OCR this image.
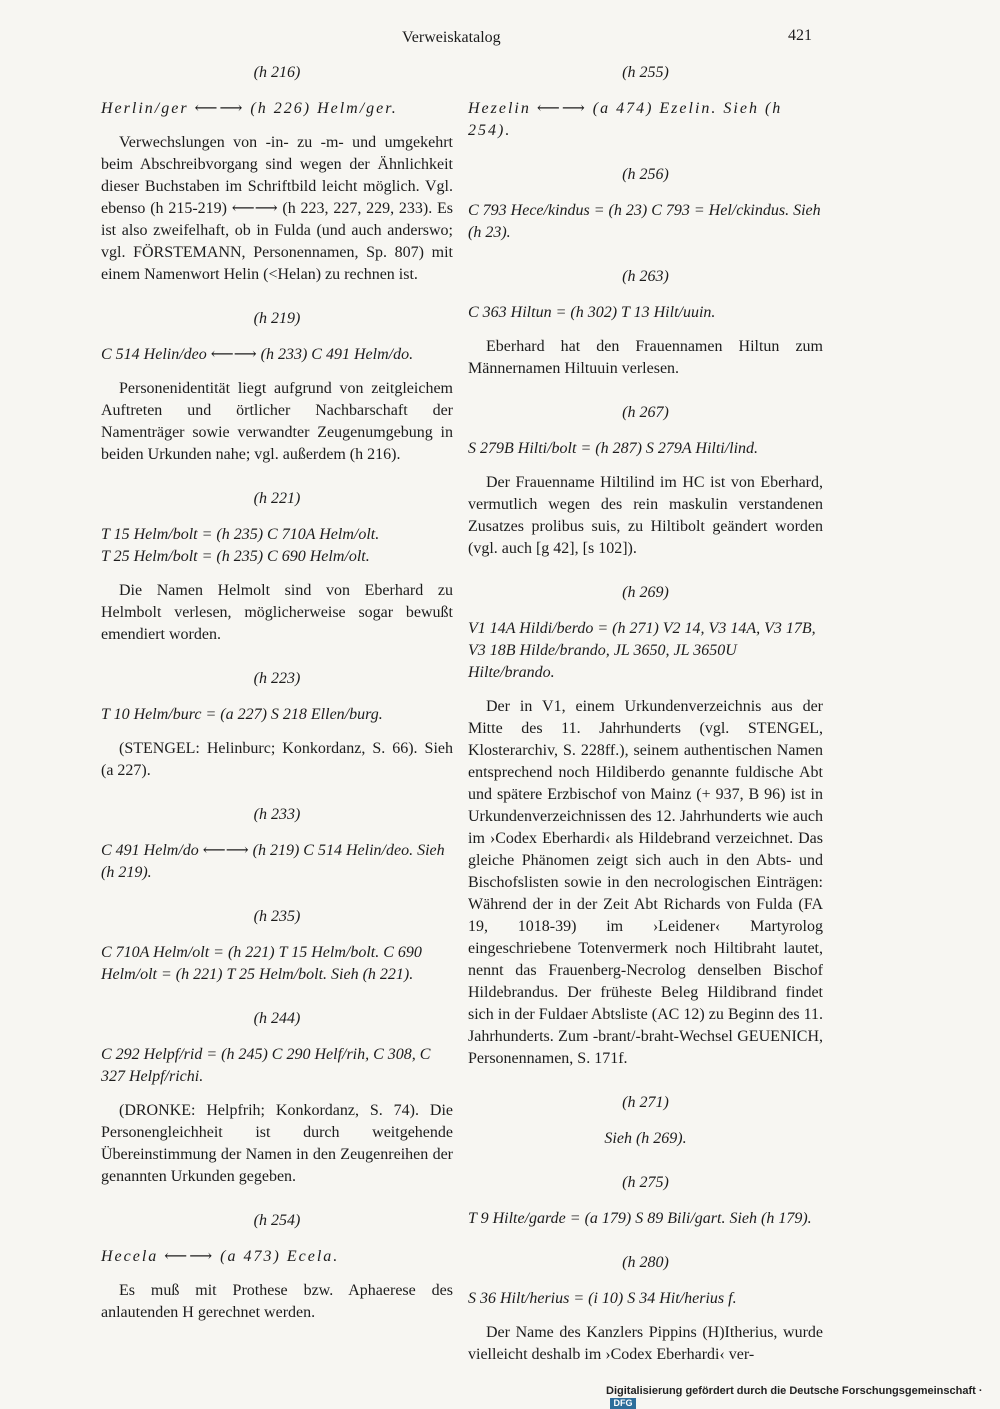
Verweiskatalog	421
(h 216)
Herlin/ger ⟵⟶ (h 226) Helm/ger.
Verwechslungen von -in- zu -m- und umgekehrt beim Abschreibvorgang sind wegen der Ähnlichkeit dieser Buchstaben im Schriftbild leicht möglich. Vgl. ebenso (h 215-219) ⟵⟶ (h 223, 227, 229, 233). Es ist also zweifelhaft, ob in Fulda (und auch anderswo; vgl. FÖRSTEMANN, Personennamen, Sp. 807) mit einem Namenwort Helin (<Helan) zu rechnen ist.
(h 219)
C 514 Helin/deo ⟵⟶ (h 233) C 491 Helm/do.
Personenidentität liegt aufgrund von zeitgleichem Auftreten und örtlicher Nachbarschaft der Namenträger sowie verwandter Zeugenumgebung in beiden Urkunden nahe; vgl. außerdem (h 216).
(h 221)
T 15 Helm/bolt = (h 235) C 710A Helm/olt.
T 25 Helm/bolt = (h 235) C 690 Helm/olt.
Die Namen Helmolt sind von Eberhard zu Helmbolt verlesen, möglicherweise sogar bewußt emendiert worden.
(h 223)
T 10 Helm/burc = (a 227) S 218 Ellen/burg.
(STENGEL: Helinburc; Konkordanz, S. 66). Sieh (a 227).
(h 233)
C 491 Helm/do ⟵⟶ (h 219) C 514 Helin/deo. Sieh (h 219).
(h 235)
C 710A Helm/olt = (h 221) T 15 Helm/bolt. C 690 Helm/olt = (h 221) T 25 Helm/bolt. Sieh (h 221).
(h 244)
C 292 Helpf/rid = (h 245) C 290 Helf/rih, C 308, C 327 Helpf/richi.
(DRONKE: Helpfrih; Konkordanz, S. 74). Die Personengleichheit ist durch weitgehende Übereinstimmung der Namen in den Zeugenreihen der genannten Urkunden gegeben.
(h 254)
Hecela ⟵⟶ (a 473) Ecela.
Es muß mit Prothese bzw. Aphaerese des anlautenden H gerechnet werden.
(h 255)
Hezelin ⟵⟶ (a 474) Ezelin. Sieh (h 254).
(h 256)
C 793 Hece/kindus = (h 23) C 793 = Hel/ckindus. Sieh (h 23).
(h 263)
C 363 Hiltun = (h 302) T 13 Hilt/uuin.
Eberhard hat den Frauennamen Hiltun zum Männernamen Hiltuuin verlesen.
(h 267)
S 279B Hilti/bolt = (h 287) S 279A Hilti/lind.
Der Frauenname Hiltilind im HC ist von Eberhard, vermutlich wegen des rein maskulin verstandenen Zusatzes prolibus suis, zu Hiltibolt geändert worden (vgl. auch [g 42], [s 102]).
(h 269)
V1 14A Hildi/berdo = (h 271) V2 14, V3 14A, V3 17B, V3 18B Hilde/brando, JL 3650, JL 3650U Hilte/brando.
Der in V1, einem Urkundenverzeichnis aus der Mitte des 11. Jahrhunderts (vgl. STENGEL, Klosterarchiv, S. 228ff.), seinem authentischen Namen entsprechend noch Hildiberdo genannte fuldische Abt und spätere Erzbischof von Mainz (+ 937, B 96) ist in Urkundenverzeichnissen des 12. Jahrhunderts wie auch im ›Codex Eberhardi‹ als Hildebrand verzeichnet. Das gleiche Phänomen zeigt sich auch in den Abts- und Bischofslisten sowie in den necrologischen Einträgen: Während der in der Zeit Abt Richards von Fulda (FA 19, 1018-39) im ›Leidener‹ Martyrolog eingeschriebene Totenvermerk noch Hiltibraht lautet, nennt das Frauenberg-Necrolog denselben Bischof Hildebrandus. Der früheste Beleg Hildibrand findet sich in der Fuldaer Abtsliste (AC 12) zu Beginn des 11. Jahrhunderts. Zum -brant/-braht-Wechsel GEUENICH, Personennamen, S. 171f.
(h 271)
Sieh (h 269).
(h 275)
T 9 Hilte/garde = (a 179) S 89 Bili/gart. Sieh (h 179).
(h 280)
S 36 Hilt/herius = (i 10) S 34 Hit/herius f.
Der Name des Kanzlers Pippins (H)Itherius, wurde vielleicht deshalb im ›Codex Eberhardi‹ ver-
Digitalisierung gefördert durch die Deutsche Forschungsgemeinschaft ·DFG
